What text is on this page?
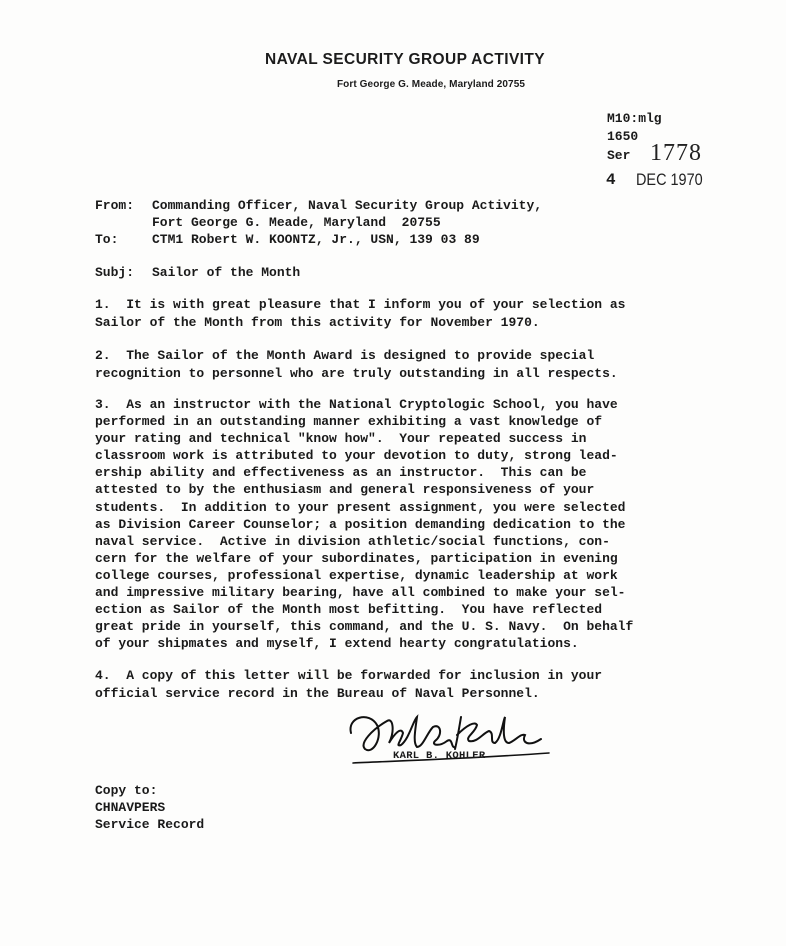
NAVAL SECURITY GROUP ACTIVITY
Fort George G. Meade, Maryland 20755
M10:mlg
1650
Ser 1778
4 DEC 1970
From: Commanding Officer, Naval Security Group Activity,
Fort George G. Meade, Maryland  20755
To:	CTM1 Robert W. KOONTZ, Jr., USN, 139 03 89
Subj: Sailor of the Month
1.  It is with great pleasure that I inform you of your selection as
Sailor of the Month from this activity for November 1970.
2.  The Sailor of the Month Award is designed to provide special
recognition to personnel who are truly outstanding in all respects.
3.  As an instructor with the National Cryptologic School, you have
performed in an outstanding manner exhibiting a vast knowledge of
your rating and technical "know how".  Your repeated success in
classroom work is attributed to your devotion to duty, strong lead-
ership ability and effectiveness as an instructor.  This can be
attested to by the enthusiasm and general responsiveness of your
students.  In addition to your present assignment, you were selected
as Division Career Counselor; a position demanding dedication to the
naval service.  Active in division athletic/social functions, con-
cern for the welfare of your subordinates, participation in evening
college courses, professional expertise, dynamic leadership at work
and impressive military bearing, have all combined to make your sel-
ection as Sailor of the Month most befitting.  You have reflected
great pride in yourself, this command, and the U. S. Navy.  On behalf
of your shipmates and myself, I extend hearty congratulations.
4.  A copy of this letter will be forwarded for inclusion in your
official service record in the Bureau of Naval Personnel.
KARL B. KOHLER
Copy to:
CHNAVPERS
Service Record
